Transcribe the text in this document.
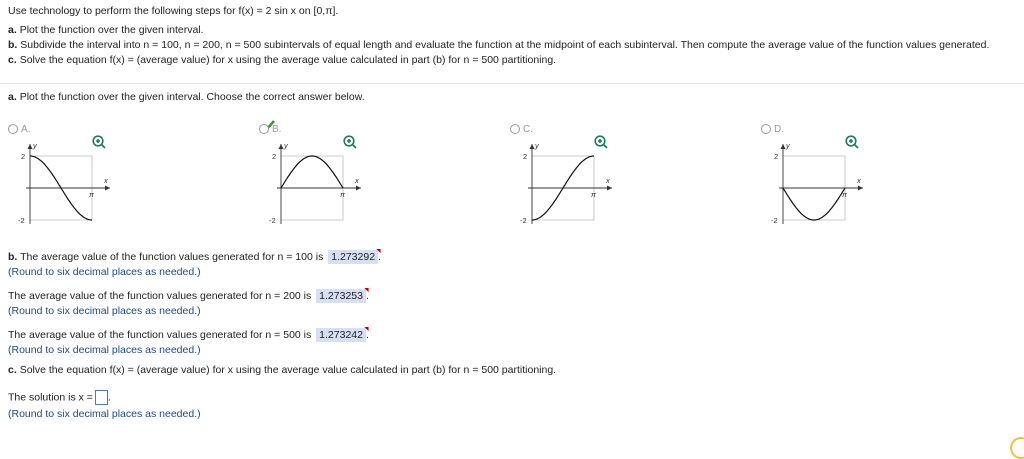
Use technology to perform the following steps for f(x) = 2 sin x on [0,π].
a. Plot the function over the given interval.
b. Subdivide the interval into n = 100, n = 200, n = 500 subintervals of equal length and evaluate the function at the midpoint of each subinterval. Then compute the average value of the function values generated.
c. Solve the equation f(x) = (average value) for x using the average value calculated in part (b) for n = 500 partitioning.
a. Plot the function over the given interval. Choose the correct answer below.
A.
2
-2
y
x
π
B.
2
-2
y
x
π
C.
2
-2
y
x
π
D.
2
-2
y
x
π
b. The average value of the function values generated for n = 100 is 1.273292 .
(Round to six decimal places as needed.)
The average value of the function values generated for n = 200 is 1.273253 .
(Round to six decimal places as needed.)
The average value of the function values generated for n = 500 is 1.273242 .
(Round to six decimal places as needed.)
c. Solve the equation f(x) = (average value) for x using the average value calculated in part (b) for n = 500 partitioning.
The solution is x = .
(Round to six decimal places as needed.)
